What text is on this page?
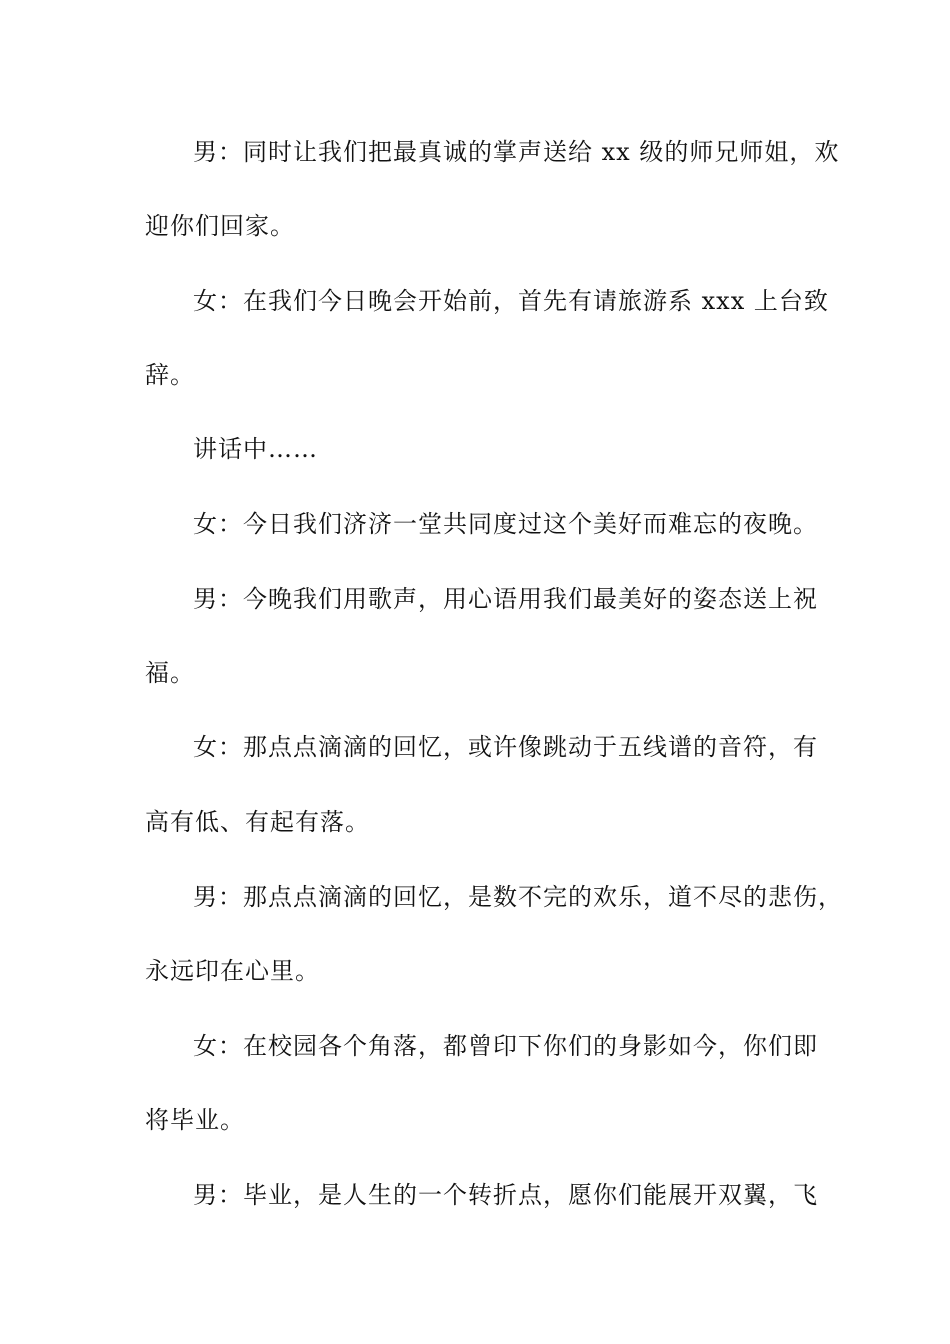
男：同时让我们把最真诚的掌声送给 xx 级的师兄师姐，欢

迎你们回家。

女：在我们今日晚会开始前，首先有请旅游系 xxx 上台致

辞。

讲话中……

女：今日我们济济一堂共同度过这个美好而难忘的夜晚。

男：今晚我们用歌声，用心语用我们最美好的姿态送上祝

福。

女：那点点滴滴的回忆，或许像跳动于五线谱的音符，有

高有低、有起有落。

男：那点点滴滴的回忆，是数不完的欢乐，道不尽的悲伤，

永远印在心里。

女：在校园各个角落，都曾印下你们的身影如今，你们即

将毕业。

男：毕业，是人生的一个转折点，愿你们能展开双翼，飞
